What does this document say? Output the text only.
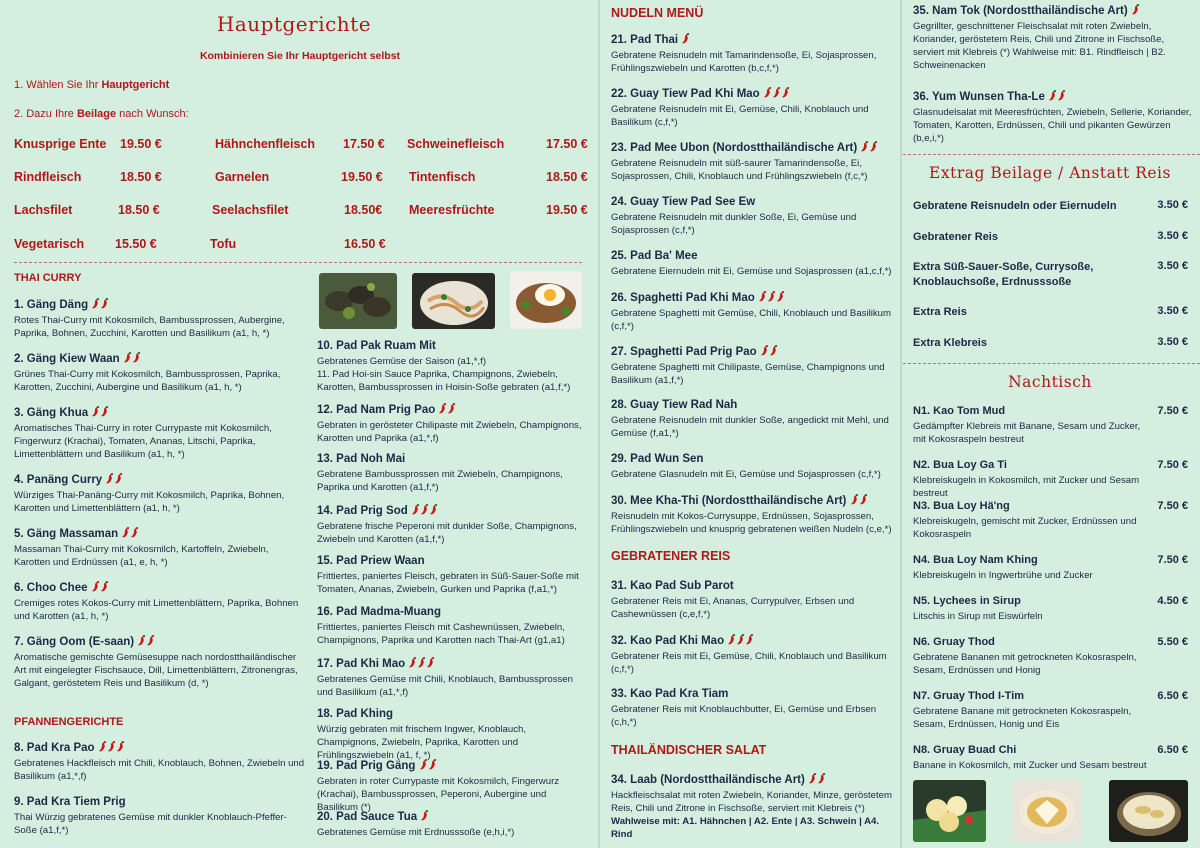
Hauptgerichte
Kombinieren Sie Ihr Hauptgericht selbst
1. Wählen Sie Ihr Hauptgericht
2. Dazu Ihre Beilage nach Wunsch:
Knusprige Ente 19.50 €	Hähnchenfleisch 17.50 € Schweinefleisch	17.50 €
Rindfleisch	18.50 €	Garnelen	19.50 € Tintenfisch	18.50 €
Lachsfilet	18.50 €	Seelachsfilet	18.50€ Meeresfrüchte	19.50 €
Vegetarisch 15.50 €	Tofu	16.50 €
THAI CURRY
NUDELN MENÜ
GEBRATENER REIS
THAILÄNDISCHER SALAT
Extrag Beilage / Anstatt Reis
Nachtisch
1. Gäng Däng
Rotes Thai-Curry mit Kokosmilch, Bambussprossen, Aubergine, Paprika, Bohnen, Zucchini, Karotten und Basilikum (a1, h, *)
2. Gäng Kiew Waan
Grünes Thai-Curry mit Kokosmilch, Bambussprossen, Paprika, Karotten, Zucchini, Aubergine und Basilikum (a1, h, *)
3. Gäng Khua
Aromatisches Thai-Curry in roter Currypaste mit Kokosmilch, Fingerwurz (Krachai), Tomaten, Ananas, Litschi, Paprika, Limettenblättern und Basilikum (a1, h, *)
4. Panäng Curry
Würziges Thai-Panäng-Curry mit Kokosmilch, Paprika, Bohnen, Karotten und Limettenblättern (a1, h, *)
5. Gäng Massaman
Massaman Thai-Curry mit Kokosmilch, Kartoffeln, Zwiebeln, Karotten und Erdnüssen (a1, e, h, *)
6. Choo Chee
Cremiges rotes Kokos-Curry mit Limettenblättern, Paprika, Bohnen und Karotten (a1, h, *)
7. Gäng Oom (E-saan)
Aromatische gemischte Gemüsesuppe nach nordostthailändischer Art mit eingelegter Fischsauce, Dill, Limettenblättern, Zitronengras, Galgant, geröstetem Reis und Basilikum (d, *)
PFANNENGERICHTE
8. Pad Kra Pao
Gebratenes Hackfleisch mit Chili, Knoblauch, Bohnen, Zwiebeln und Basilikum (a1,*,f)
9. Pad Kra Tiem Prig
Thai Würzig gebratenes Gemüse mit dunkler Knoblauch-Pfeffer-Soße (a1,f,*)
10. Pad Pak Ruam Mit
Gebratenes Gemüse der Saison (a1,*,f)
11. Pad Hoi-sin Sauce Paprika, Champignons, Zwiebeln, Karotten, Bambussprossen in Hoisin-Soße gebraten (a1,f,*)
12. Pad Nam Prig Pao
Gebraten in gerösteter Chilipaste mit Zwiebeln, Champignons, Karotten und Paprika (a1,*,f)
13. Pad Noh Mai
Gebratene Bambussprossen mit Zwiebeln, Champignons, Paprika und Karotten (a1,f,*)
14. Pad Prig Sod
Gebratene frische Peperoni mit dunkler Soße, Champignons, Zwiebeln und Karotten (a1,f,*)
15. Pad Priew Waan
Frittiertes, paniertes Fleisch, gebraten in Süß-Sauer-Soße mit Tomaten, Ananas, Zwiebeln, Gurken und Paprika (f,a1,*)
16. Pad Madma-Muang
Frittiertes, paniertes Fleisch mit Cashewnüssen, Zwiebeln, Champignons, Paprika und Karotten nach Thai-Art (g1,a1)
17. Pad Khi Mao
Gebratenes Gemüse mit Chili, Knoblauch, Bambussprossen und Basilikum (a1,*,f)
18. Pad Khing
Würzig gebraten mit frischem Ingwer, Knoblauch, Champignons, Zwiebeln, Paprika, Karotten und Frühlingszwiebeln (a1, f, *)
19. Pad Prig Gäng
Gebraten in roter Currypaste mit Kokosmilch, Fingerwurz (Krachai), Bambussprossen, Peperoni, Aubergine und Basilikum (*)
20. Pad Sauce Tua
Gebratenes Gemüse mit Erdnusssoße (e,h,i,*)
21. Pad Thai
Gebratene Reisnudeln mit Tamarindensoße, Ei, Sojasprossen, Frühlingszwiebeln und Karotten (b,c,f,*)
22. Guay Tiew Pad Khi Mao
Gebratene Reisnudeln mit Ei, Gemüse, Chili, Knoblauch und Basilikum (c,f,*)
23. Pad Mee Ubon (Nordostthailändische Art)
Gebratene Reisnudeln mit süß-saurer Tamarindensoße, Ei, Sojasprossen, Chili, Knoblauch und Frühlingszwiebeln (f,c,*)
24. Guay Tiew Pad See Ew
Gebratene Reisnudeln mit dunkler Soße, Ei, Gemüse und Sojasprossen (c,f,*)
25. Pad Ba' Mee
Gebratene Eiernudeln mit Ei, Gemüse und Sojasprossen (a1,c,f,*)
26. Spaghetti Pad Khi Mao
Gebratene Spaghetti mit Gemüse, Chili, Knoblauch und Basilikum (c,f,*)
27. Spaghetti Pad Prig Pao
Gebratene Spaghetti mit Chilipaste, Gemüse, Champignons und Basilikum (a1,f,*)
28. Guay Tiew Rad Nah
Gebratene Reisnudeln mit dunkler Soße, angedickt mit Mehl, und Gemüse (f,a1,*)
29. Pad Wun Sen
Gebratene Glasnudeln mit Ei, Gemüse und Sojasprossen (c,f,*)
30. Mee Kha-Thi (Nordostthailändische Art)
Reisnudeln mit Kokos-Currysuppe, Erdnüssen, Sojasprossen, Frühlingszwiebeln und knusprig gebratenen weißen Nudeln (c,e,*)
31. Kao Pad Sub Parot
Gebratener Reis mit Ei, Ananas, Currypulver, Erbsen und Cashewnüssen (c,e,f,*)
32. Kao Pad Khi Mao
Gebratener Reis mit Ei, Gemüse, Chili, Knoblauch und Basilikum (c,f,*)
33. Kao Pad Kra Tiam
Gebratener Reis mit Knoblauchbutter, Ei, Gemüse und Erbsen (c,h,*)
34. Laab (Nordostthailändische Art)
Hackfleischsalat mit roten Zwiebeln, Koriander, Minze, geröstetem Reis, Chili und Zitrone in Fischsoße, serviert mit Klebreis (*)
Wahlweise mit: A1. Hähnchen | A2. Ente | A3. Schwein | A4. Rind
35. Nam Tok (Nordostthailändische Art)
Gegrillter, geschnittener Fleischsalat mit roten Zwiebeln, Koriander, geröstetem Reis, Chili und Zitrone in Fischsoße, serviert mit Klebreis (*) Wahlweise mit: B1. Rindfleisch | B2. Schweinenacken
36. Yum Wunsen Tha-Le
Glasnudelsalat mit Meeresfrüchten, Zwiebeln, Sellerie, Koriander, Tomaten, Karotten, Erdnüssen, Chili und pikanten Gewürzen (b,e,i,*)
Gebratene Reisnudeln oder Eiernudeln	3.50 €
Gebratener Reis	3.50 €
Extra Süß-Sauer-Soße, Currysoße, Knoblauchsoße, Erdnusssoße
3.50 €
Extra Reis	3.50 €
Extra Klebreis	3.50 €
N1. Kao Tom Mud	7.50 €
Gedämpfter Klebreis mit Banane, Sesam und Zucker, mit Kokosraspeln bestreut
N2. Bua Loy Ga Ti	7.50 €
Klebreiskugeln in Kokosmilch, mit Zucker und Sesam bestreut
N3. Bua Loy Hä'ng	7.50 €
Klebreiskugeln, gemischt mit Zucker, Erdnüssen und Kokosraspeln
N4. Bua Loy Nam Khing	7.50 €
Klebreiskugeln in Ingwerbrühe und Zucker
N5. Lychees in Sirup	4.50 €
Litschis in Sirup mit Eiswürfeln
N6. Gruay Thod	5.50 €
Gebratene Bananen mit getrockneten Kokosraspeln, Sesam, Erdnüssen und Honig
N7. Gruay Thod I-Tim	6.50 €
Gebratene Banane mit getrockneten Kokosraspeln, Sesam, Erdnüssen, Honig und Eis
N8. Gruay Buad Chi	6.50 €
Banane in Kokosmilch, mit Zucker und Sesam bestreut
